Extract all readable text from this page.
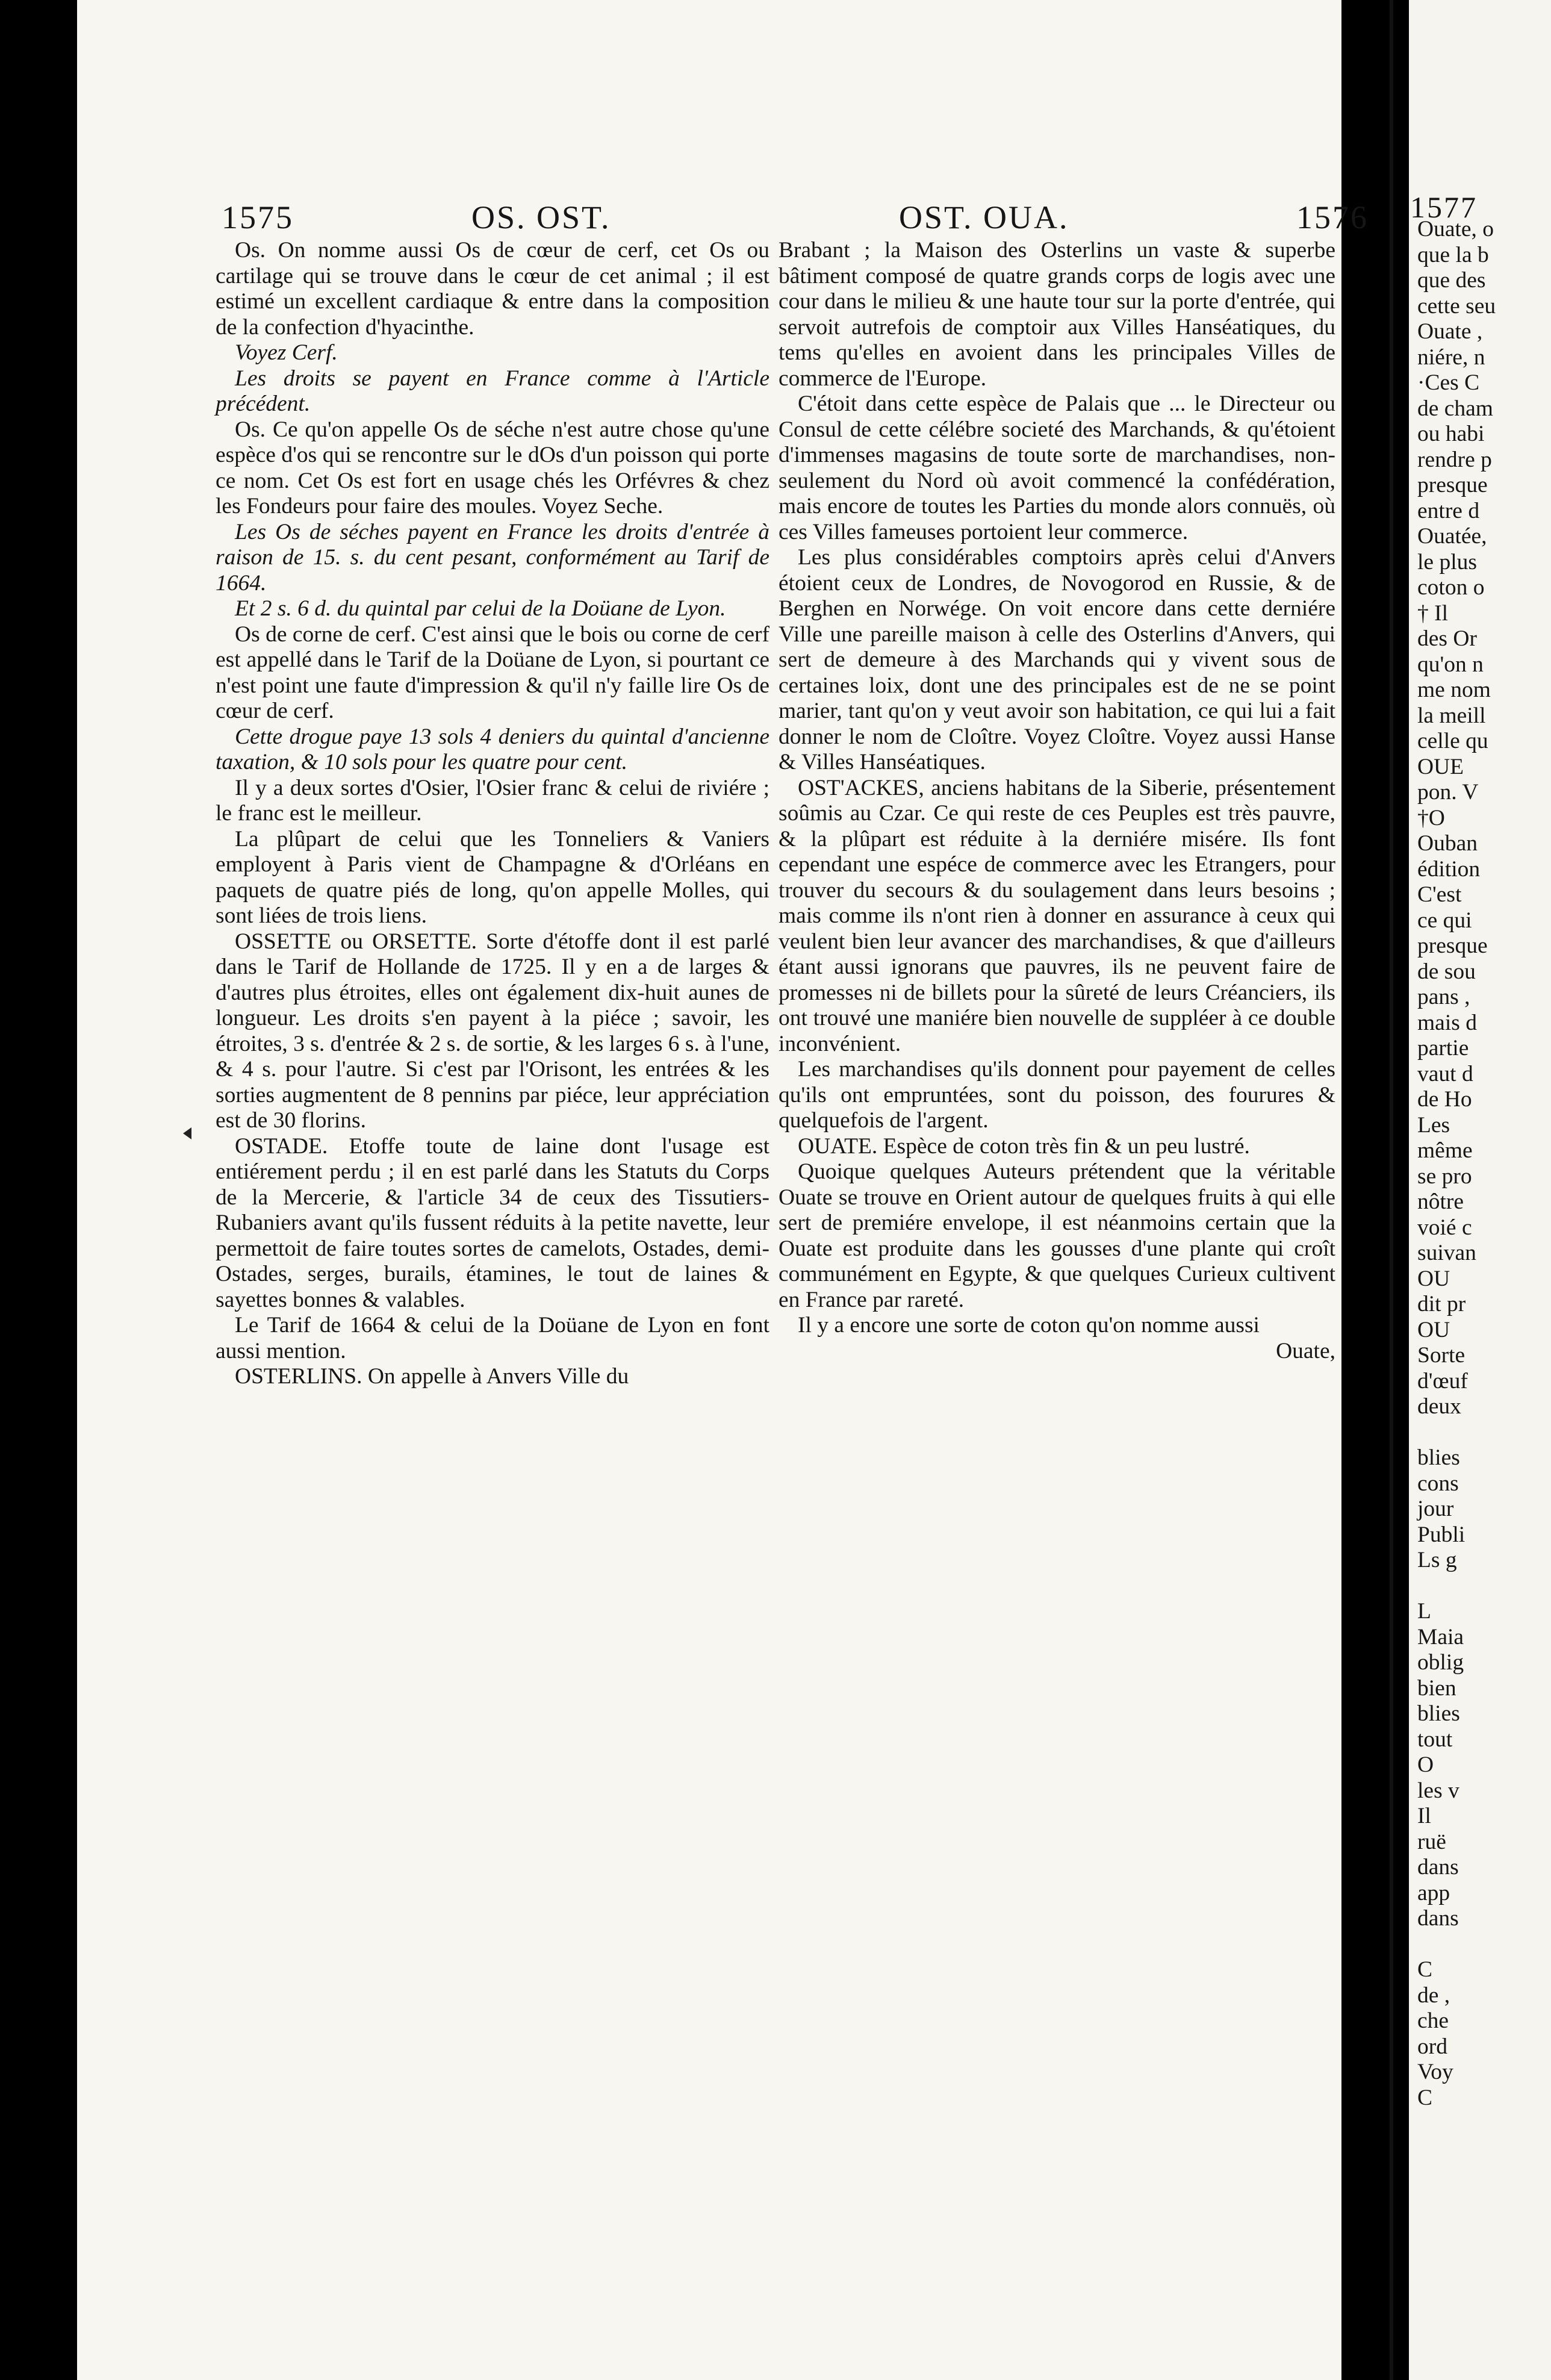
1575	OS. OST.	OST. OUA.	1576

Os. On nomme aussi Os de cœur de cerf, cet Os ou cartilage qui se trouve dans le cœur de cet animal ; il est estimé un excellent cardiaque & entre dans la composition de la confection d'hyacinthe.

Voyez Cerf.

Les droits se payent en France comme à l'Article précédent.

Os. Ce qu'on appelle Os de séche n'est autre chose qu'une espèce d'os qui se rencontre sur le dOs d'un poisson qui porte ce nom. Cet Os est fort en usage chés les Orfévres & chez les Fondeurs pour faire des moules. Voyez Seche.

Les Os de séches payent en France les droits d'entrée à raison de 15. s. du cent pesant, conformément au Tarif de 1664.

Et 2 s. 6 d. du quintal par celui de la Doüane de Lyon.

Os de corne de cerf. C'est ainsi que le bois ou corne de cerf est appellé dans le Tarif de la Doüane de Lyon, si pourtant ce n'est point une faute d'impression & qu'il n'y faille lire Os de cœur de cerf.

Cette drogue paye 13 sols 4 deniers du quintal d'ancienne taxation, & 10 sols pour les quatre pour cent.

Il y a deux sortes d'Osier, l'Osier franc & celui de riviére ; le franc est le meilleur.

La plûpart de celui que les Tonneliers & Vaniers employent à Paris vient de Champagne & d'Orléans en paquets de quatre piés de long, qu'on appelle Molles, qui sont liées de trois liens.

OSSETTE ou ORSETTE. Sorte d'étoffe dont il est parlé dans le Tarif de Hollande de 1725. Il y en a de larges & d'autres plus étroites, elles ont également dix-huit aunes de longueur. Les droits s'en payent à la piéce ; savoir, les étroites, 3 s. d'entrée & 2 s. de sortie, & les larges 6 s. à l'une, & 4 s. pour l'autre. Si c'est par l'Orisont, les entrées & les sorties augmentent de 8 pennins par piéce, leur appréciation est de 30 florins.

OSTADE. Etoffe toute de laine dont l'usage est entiérement perdu ; il en est parlé dans les Statuts du Corps de la Mercerie, & l'article 34 de ceux des Tissutiers-Rubaniers avant qu'ils fussent réduits à la petite navette, leur permettoit de faire toutes sortes de camelots, Ostades, demi-Ostades, serges, burails, étamines, le tout de laines & sayettes bonnes & valables.

Le Tarif de 1664 & celui de la Doüane de Lyon en font aussi mention.

OSTERLINS. On appelle à Anvers Ville du

Brabant ; la Maison des Osterlins un vaste & superbe bâtiment composé de quatre grands corps de logis avec une cour dans le milieu & une haute tour sur la porte d'entrée, qui servoit autrefois de comptoir aux Villes Hanséatiques, du tems qu'elles en avoient dans les principales Villes de commerce de l'Europe.

C'étoit dans cette espèce de Palais que ... le Directeur ou Consul de cette célébre societé des Marchands, & qu'étoient d'immenses magasins de toute sorte de marchandises, non-seulement du Nord où avoit commencé la confédération, mais encore de toutes les Parties du monde alors connuës, où ces Villes fameuses portoient leur commerce.

Les plus considérables comptoirs après celui d'Anvers étoient ceux de Londres, de Novogorod en Russie, & de Berghen en Norwége. On voit encore dans cette derniére Ville une pareille maison à celle des Osterlins d'Anvers, qui sert de demeure à des Marchands qui y vivent sous de certaines loix, dont une des principales est de ne se point marier, tant qu'on y veut avoir son habitation, ce qui lui a fait donner le nom de Cloître. Voyez Cloître. Voyez aussi Hanse & Villes Hanséatiques.

OST'ACKES, anciens habitans de la Siberie, présentement soûmis au Czar. Ce qui reste de ces Peuples est très pauvre, & la plûpart est réduite à la derniére misére. Ils font cependant une espéce de commerce avec les Etrangers, pour trouver du secours & du soulagement dans leurs besoins ; mais comme ils n'ont rien à donner en assurance à ceux qui veulent bien leur avancer des marchandises, & que d'ailleurs étant aussi ignorans que pauvres, ils ne peuvent faire de promesses ni de billets pour la sûreté de leurs Créanciers, ils ont trouvé une maniére bien nouvelle de suppléer à ce double inconvénient.

Les marchandises qu'ils donnent pour payement de celles qu'ils ont empruntées, sont du poisson, des fourures & quelquefois de l'argent.

OUATE. Espèce de coton très fin & un peu lustré.

Quoique quelques Auteurs prétendent que la véritable Ouate se trouve en Orient autour de quelques fruits à qui elle sert de premiére envelope, il est néanmoins certain que la Ouate est produite dans les gousses d'une plante qui croît communément en Egypte, & que quelques Curieux cultivent en France par rareté.

Il y a encore une sorte de coton qu'on nomme aussi

Ouate,

1577
Ouate, o
que la b
que des
cette seu
Ouate ,
niére, n
·Ces C
de cham
ou habi
rendre p
presque
entre d
Ouatée,
le plus
coton o
† Il
des Or
qu'on n
me nom
la meill
celle qu
OUE
pon. V
†O
Ouban
édition
C'est
ce qui
presque
de sou
pans ,
mais d
partie
vaut d
de Ho
Les
même
se pro
nôtre
voié c
suivan
OU
dit pr
OU
Sorte
d'œuf
deux
blies
cons
jour
Publi
Ls g
L
Maia
oblig
bien
blies
tout
O
les v
Il
ruë
dans
app
dans
C
de ,
che
ord
Voy
C
